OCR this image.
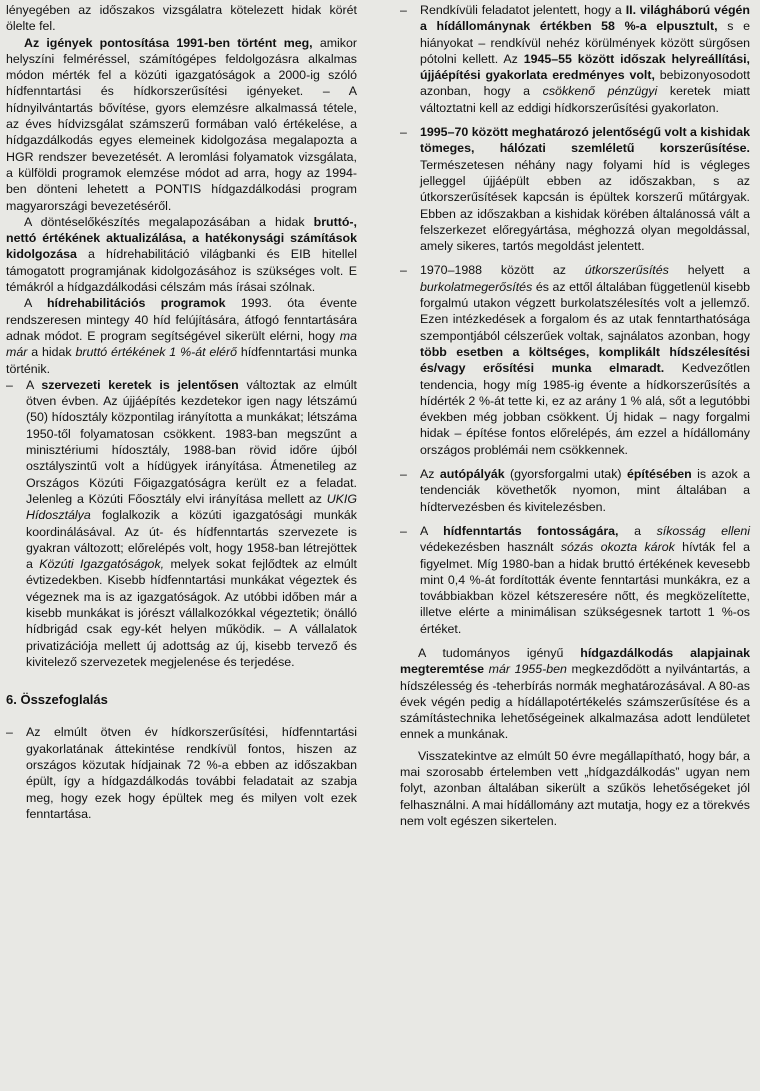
lényegében az időszakos vizsgálatra kötelezett hidak körét ölelte fel.

Az igények pontosítása 1991-ben történt meg, amikor helyszíni felméréssel, számítógépes feldolgozásra alkalmas módon mérték fel a közúti igazgatóságok a 2000-ig szóló hídfenntartási és hídkorszerűsítési igényeket. – A hídnyilvántartás bővítése, gyors elemzésre alkalmassá tétele, az éves hídvizsgálat számszerű formában való értékelése, a hídgazdálkodás egyes elemeinek kidolgozása megalapozta a HGR rendszer bevezetését. A leromlási folyamatok vizsgálata, a külföldi programok elemzése módot ad arra, hogy az 1994-ben dönteni lehetett a PONTIS hídgazdálkodási program magyarországi bevezetéséről.

A döntéselőkészítés megalapozásában a hidak bruttó-, nettó értékének aktualizálása, a hatékonysági számítások kidolgozása a hídrehabilitáció világbanki és EIB hitellel támogatott programjának kidolgozásához is szükséges volt. E témákról a hídgazdálkodási célszám más írásai szólnak.

A hídrehabilitációs programok 1993. óta évente rendszeresen mintegy 40 híd felújítására, átfogó fenntartására adnak módot. E program segítségével sikerült elérni, hogy ma már a hidak bruttó értékének 1 %-át elérő hídfenntartási munka történik.

– A szervezeti keretek is jelentősen változtak az elmúlt ötven évben. Az újjáépítés kezdetekor igen nagy létszámú (50) hídosztály központilag irányította a munkákat; létszáma 1950-től folyamatosan csökkent. 1983-ban megszűnt a minisztériumi hídosztály, 1988-ban rövid időre újból osztályszintű volt a hídügyek irányítása. Átmenetileg az Országos Közúti Főigazgatóságra került ez a feladat. Jelenleg a Közúti Főosztály elvi irányítása mellett az UKIG Hídosztálya foglalkozik a közúti igazgatósági munkák koordinálásával. Az út- és hídfenntartás szervezete is gyakran változott; előrelépés volt, hogy 1958-ban létrejöttek a Közúti Igazgatóságok, melyek sokat fejlődtek az elmúlt évtizedekben. Kisebb hídfenntartási munkákat végeztek és végeznek ma is az igazgatóságok. Az utóbbi időben már a kisebb munkákat is jórészt vállalkozókkal végeztetik; önálló hídbrigád csak egy-két helyen működik. – A vállalatok privatizációja mellett új adottság az új, kisebb tervező és kivitelező szervezetek megjelenése és terjedése.

6. Összefoglalás

– Az elmúlt ötven év hídkorszerűsítési, hídfenntartási gyakorlatának áttekintése rendkívül fontos, hiszen az országos közutak hídjainak 72 %-a ebben az időszakban épült, így a hídgazdálkodás további feladatait az szabja meg, hogy ezek hogy épültek meg és milyen volt ezek fenntartása.
– Rendkívüli feladatot jelentett, hogy a II. világháború végén a hídállománynak értékben 58 %-a elpusztult, s e hiányokat – rendkívül nehéz körülmények között sürgősen pótolni kellett. Az 1945–55 között időszak helyreállítási, újjáépítési gyakorlata eredményes volt, bebizonyosodott azonban, hogy a csökkenő pénzügyi keretek miatt változtatni kell az eddigi hídkorszerűsítési gyakorlaton.
– 1995–70 között meghatározó jelentőségű volt a kishidak tömeges, hálózati szemléletű korszerűsítése. Természetesen néhány nagy folyami híd is végleges jelleggel újjáépült ebben az időszakban, s az útkorszerűsítések kapcsán is épültek korszerű műtárgyak. Ebben az időszakban a kishidak körében általánossá vált a felszerkezet előregyártása, méghozzá olyan megoldással, amely sikeres, tartós megoldást jelentett.
– 1970–1988 között az útkorszerűsítés helyett a burkolatmegerősítés és az ettől általában függetlenül kisebb forgalmú utakon végzett burkolatszélesítés volt a jellemző. Ezen intézkedések a forgalom és az utak fenntarthatósága szempontjából célszerűek voltak, sajnálatos azonban, hogy több esetben a költséges, komplikált hídszélesítési és/vagy erősítési munka elmaradt. Kedvezőtlen tendencia, hogy míg 1985-ig évente a hídkorszerűsítés a hídérték 2 %-át tette ki, ez az arány 1 % alá, sőt a legutóbbi években még jobban csökkent. Új hidak – nagy forgalmi hidak – építése fontos előrelépés, ám ezzel a hídállomány országos problémái nem csökkennek.
– Az autópályák (gyorsforgalmi utak) építésében is azok a tendenciák követhetők nyomon, mint általában a hídtervezésben és kivitelezésben.
– A hídfenntartás fontosságára, a síkosság elleni védekezésben használt sózás okozta károk hívták fel a figyelmet. Míg 1980-ban a hidak bruttó értékének kevesebb mint 0,4 %-át fordították évente fenntartási munkákra, ez a továbbiakban közel kétszeresére nőtt, és megközelítette, illetve elérte a minimálisan szükségesnek tartott 1 %-os értéket.

A tudományos igényű hídgazdálkodás alapjainak megteremtése már 1955-ben megkezdődött a nyilvántartás, a hídszélesség és -teherbírás normák meghatározásával. A 80-as évek végén pedig a hídállapotértékelés számszerűsítése és a számítástechnika lehetőségeinek alkalmazása adott lendületet ennek a munkának.

Visszatekintve az elmúlt 50 évre megállapítható, hogy bár, a mai szorosabb értelemben vett „hídgazdálkodás” ugyan nem folyt, azonban általában sikerült a szűkös lehetőségeket jól felhasználni. A mai hídállomány azt mutatja, hogy ez a törekvés nem volt egészen sikertelen.
